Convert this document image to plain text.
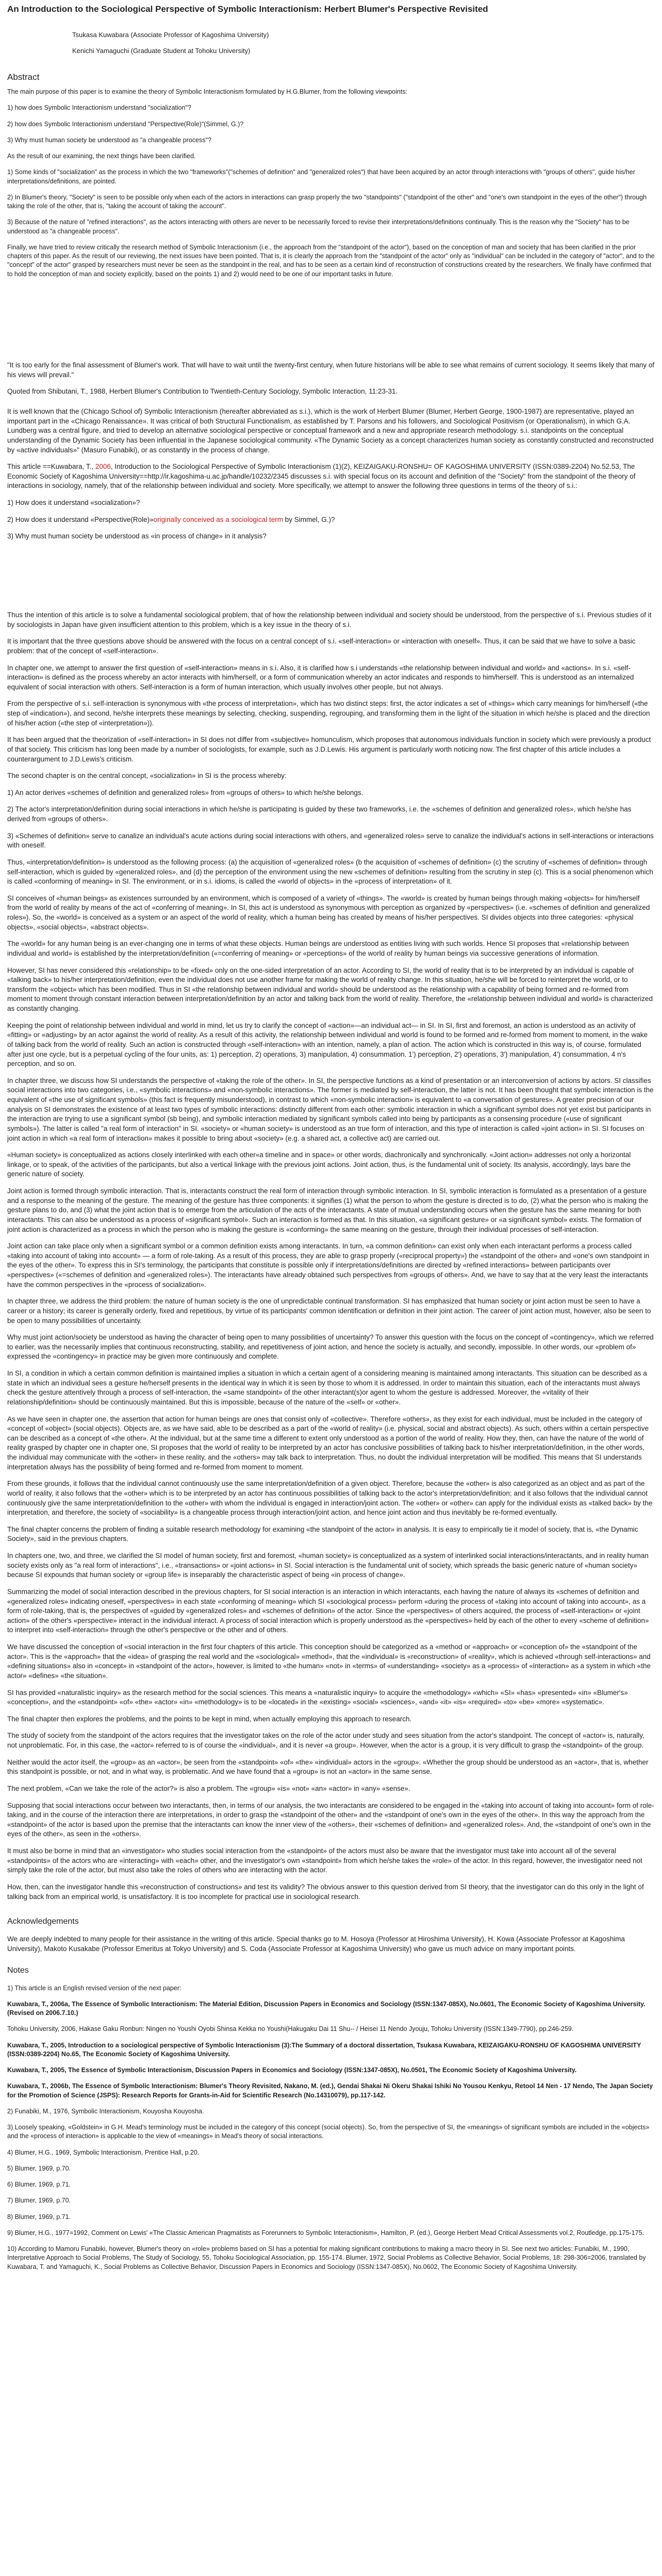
An Introduction to the Sociological Perspective of Symbolic Interactionism: Herbert Blumer's Perspective Revisited
Tsukasa Kuwabara (Associate Professor of Kagoshima University)
Kenichi Yamaguchi (Graduate Student at Tohoku University)
Abstract

The main purpose of this paper is to examine the theory of Symbolic Interactionism formulated by H.G.Blumer, from the following viewpoints:

1) how does Symbolic Interactionism understand "socialization"?

2) how does Symbolic Interactionism understand "Perspective(Role)"(Simmel, G.)?

3) Why must human society be understood as "a changeable process"?

As the result of our examining, the next things have been clarified.

1) Some kinds of "socialization" as the process in which the two "frameworks"("schemes of definition" and "generalized roles") that have been acquired by an actor through interactions with "groups of others", guide his/her interpretations/definitions, are pointed.

2) In Blumer's theory, "Society" is seen to be possible only when each of the actors in interactions can grasp properly the two "standpoints" ("standpoint of the other" and "one's own standpoint in the eyes of the other") through taking the role of the other, that is, "taking the account of taking the account".

3) Because of the nature of "refined interactions", as the actors interacting with others are never to be necessarily forced to revise their interpretations/definitions continually. This is the reason why the "Society" has to be understood as "a changeable process".

Finally, we have tried to review critically the research method of Symbolic Interactionism (i.e., the approach from the "standpoint of the actor"), based on the conception of man and society that has been clarified in the prior chapters of this paper. As the result of our reviewing, the next issues have been pointed. That is, it is clearly the approach from the "standpoint of the actor" only as "individual" can be included in the category of "actor", and to the "concept" of the actor" grasped by researchers must never be seen as the standpoint in the real, and has to be seen as a certain kind of reconstruction of constructions created by the researchers. We finally have confirmed that to hold the conception of man and society explicitly, based on the points 1) and 2) would need to be one of our important tasks in future.

"It is too early for the final assessment of Blumer's work. That will have to wait until the twenty-first century, when future historians will be able to see what remains of current sociology. It seems likely that many of his views will prevail."

Quoted from Shibutani, T., 1988, Herbert Blumer's Contribution to Twentieth-Century Sociology, Symbolic Interaction, 11:23-31.

It is well known that the (Chicago School of) Symbolic Interactionism (hereafter abbreviated as s.i.), which is the work of Herbert Blumer (Blumer, Herbert George, 1900-1987) are representative, played an important part in the «Chicago Renaissance». It was critical of both Structural Functionalism, as established by T. Parsons and his followers, and Sociological Positivism (or Operationalism), in which G.A. Lundberg was a central figure, and tried to develop an alternative sociological perspective or conceptual framework and a new and appropriate research methodology. s.i. standpoints on the conceptual understanding of the Dynamic Society has been influential in the Japanese sociological community. «The Dynamic Society as a concept characterizes human society as constantly constructed and reconstructed by «active individuals»" (Masuro Funabiki), or as constantly in the process of change.

This article ==Kuwabara, T., 2006, Introduction to the Sociological Perspective of Symbolic Interactionism (1)(2), KEIZAIGAKU-RONSHU= OF KAGOSHIMA UNIVERSITY (ISSN:0389-2204) No.52.53, The Economic Society of Kagoshima University==http://ir.kagoshima-u.ac.jp/handle/10232/2345 discusses s.i. with special focus on its account and definition of the "Society" from the standpoint of the theory of interactions in sociology, namely, that of the relationship between individual and society. More specifically, we attempt to answer the following three questions in terms of the theory of s.i.:

1) How does it understand «socialization»?

2) How does it understand «Perspective(Role)»originally conceived as a sociological term by Simmel, G.)?

3) Why must human society be understood as «in process of change» in it analysis?

Thus the intention of this article is to solve a fundamental sociological problem, that of how the relationship between individual and society should be understood, from the perspective of s.i. Previous studies of it by sociologists in Japan have given insufficient attention to this problem, which is a key issue in the theory of s.i.

It is important that the three questions above should be answered with the focus on a central concept of s.i. «self-interaction» or «interaction with oneself». Thus, it can be said that we have to solve a basic problem: that of the concept of «self-interaction».

In chapter one, we attempt to answer the first question of «self-interaction» means in s.i. Also, it is clarified how s.i understands «the relationship between individual and world» and «actions». In s.i. «self-interaction» is defined as the process whereby an actor interacts with him/herself, or a form of communication whereby an actor indicates and responds to him/herself. This is understood as an internalized equivalent of social interaction with others. Self-interaction is a form of human interaction, which usually involves other people, but not always.

From the perspective of s.i. self-interaction is synonymous with «the process of interpretation», which has two distinct steps: first, the actor indicates a set of «things» which carry meanings for him/herself («the step of «indication»), and second, he/she interprets these meanings by selecting, checking, suspending, regrouping, and transforming them in the light of the situation in which he/she is placed and the direction of his/her action («the step of «interpretation»)).

It has been argued that the theorization of «self-interaction» in SI does not differ from «subjective» homunculism, which proposes that autonomous individuals function in society which were previously a product of that society. This criticism has long been made by a number of sociologists, for example, such as J.D.Lewis. His argument is particularly worth noticing now. The first chapter of this article includes a counterargument to J.D.Lewis's criticism.

The second chapter is on the central concept, «socialization» in SI is the process whereby:

1) An actor derives «schemes of definition and generalized roles» from «groups of others» to which he/she belongs.

2) The actor's interpretation/definition during social interactions in which he/she is participating is guided by these two frameworks, i.e. the «schemes of definition and generalized roles», which he/she has derived from «groups of others».

3) «Schemes of definition» serve to canalize an individual's acute actions during social interactions with others, and «generalized roles» serve to canalize the individual's actions in self-interactions or interactions with oneself.

Thus, «interpretation/definition» is understood as the following process: (a) the acquisition of «generalized roles» (b the acquisition of «schemes of definition» (c) the scrutiny of «schemes of definition» through self-interaction, which is guided by «generalized roles», and (d) the perception of the environment using the new «schemes of definition» resulting from the scrutiny in step (c). This is a social phenomenon which is called «conforming of meaning» in SI. The environment, or in s.i. idioms, is called the «world of objects» in the «process of interpretation» of it.

SI conceives of «human beings» as existences surrounded by an environment, which is composed of a variety of «things». The «world» is created by human beings through making «objects» for him/herself from the world of reality by means of the act of «conferring of meaning». In SI, this act is understood as synonymous with perception as organized by «perspectives» (i.e. «schemes of definition and generalized roles»). So, the «world» is conceived as a system or an aspect of the world of reality, which a human being has created by means of his/her perspectives. SI divides objects into three categories: «physical objects», «social objects», «abstract objects».

The «world» for any human being is an ever-changing one in terms of what these objects. Human beings are understood as entities living with such worlds. Hence SI proposes that «relationship between individual and world» is established by the interpretation/definition («=conferring of meaning» or «perceptions» of the world of reality by human beings via successive generations of information.

However, SI has never considered this «relationship» to be «fixed» only on the one-sided interpretation of an actor. According to SI, the world of reality that is to be interpreted by an individual is capable of «talking back» to his/her interpretation/definition, even the individual does not use another frame for making the world of reality change. In this situation, he/she will be forced to reinterpret the world, or to transform the «object» which has been modified. Thus in SI «the relationship between individual and world» should be understood as the relationship with a capability of being formed and re-formed from moment to moment through constant interaction between interpretation/definition by an actor and talking back from the world of reality. Therefore, the «relationship between individual and world» is characterized as constantly changing.

Keeping the point of relationship between individual and world in mind, let us try to clarify the concept of «action»—an individual act— in SI. In SI, first and foremost, an action is understood as an activity of «fitting» or «adjusting» by an actor against the world of reality. As a result of this activity, the relationship between individual and world is found to be formed and re-formed from moment to moment, in the wake of talking back from the world of reality. Such an action is constructed through «self-interaction» with an intention, namely, a plan of action. The action which is constructed in this way is, of course, formulated after just one cycle, but is a perpetual cycling of the four units, as: 1) perception, 2) operations, 3) manipulation, 4) consummation. 1') perception, 2') operations, 3') manipulation, 4') consummation, 4 n's perception, and so on.

In chapter three, we discuss how SI understands the perspective of «taking the role of the other». In SI, the perspective functions as a kind of presentation or an interconversion of actions by actors. SI classifies social interactions into two categories, i.e., «symbolic interactions» and «non-symbolic interactions». The former is mediated by self-interaction, the latter is not. It has been thought that symbolic interaction is the equivalent of «the use of significant symbols» (this fact is frequently misunderstood), in contrast to which «non-symbolic interaction» is equivalent to «a conversation of gestures». A greater precision of our analysis on SI demonstrates the existence of at least two types of symbolic interactions: distinctly different from each other: symbolic interaction in which a significant symbol does not yet exist but participants in the interaction are trying to use a significant symbol (sb being), and symbolic interaction mediated by significant symbols called into being by participants as a consensing procedure («use of significant symbols»). The latter is called "a real form of interaction" in SI. «society» or «human society» is understood as an true form of interaction, and this type of interaction is called «joint action» in SI. SI focuses on joint action in which «a real form of interaction» makes it possible to bring about «society» (e.g. a shared act, a collective act) are carried out.

«Human society» is conceptualized as actions closely interlinked with each other«a timeline and in space» or other words, diachronically and synchronically. «Joint action» addresses not only a horizontal linkage, or to speak, of the activities of the participants, but also a vertical linkage with the previous joint actions. Joint action, thus, is the fundamental unit of society. Its analysis, accordingly, lays bare the generic nature of society.

Joint action is formed through symbolic interaction. That is, interactants construct the real form of interaction through symbolic interaction. In SI, symbolic interaction is formulated as a presentation of a gesture and a response to the meaning of the gesture. The meaning of the gesture has three components: it signifies (1) what the person to whom the gesture is directed is to do, (2) what the person who is making the gesture plans to do, and (3) what the joint action that is to emerge from the articulation of the acts of the interactants. A state of mutual understanding occurs when the gesture has the same meaning for both interactants. This can also be understood as a process of «significant symbol». Such an interaction is formed as that. In this situation, «a significant gesture» or «a significant symbol» exists. The formation of joint action is characterized as a process in which the person who is making the gesture is «conforming» the same meaning on the gesture, through their individual processes of self-interaction.

Joint action can take place only when a significant symbol or a common definition exists among interactants. In turn, «a common definition» can exist only when each interactant performs a process called «taking into account of taking into account» — a form of role-taking. As a result of this process, they are able to grasp properly («reciprocal property») the «standpoint of the other» and «one's own standpoint in the eyes of the other». To express this in SI's terminology, the participants that constitute is possible only if interpretations/definitions are directed by «refined interactions» between participants over «perspectives» («=schemes of definition and «generalized roles»). The interactants have already obtained such perspectives from «groups of others». And, we have to say that at the very least the interactants have the common perspectives in the «process of socialization».

In chapter three, we address the third problem: the nature of human society is the one of unpredictable continual transformation. SI has emphasized that human society or joint action must be seen to have a career or a history; its career is generally orderly, fixed and repetitious, by virtue of its participants' common identification or definition in their joint action. The career of joint action must, however, also be seen to be open to many possibilities of uncertainty.

Why must joint action/society be understood as having the character of being open to many possibilities of uncertainty? To answer this question with the focus on the concept of «contingency», which we referred to earlier, was the necessarily implies that continuous reconstructing, stability, and repetitiveness of joint action, and hence the society is actually, and secondly, impossible. In other words, our «problem of» expressed the «contingency» in practice may be given more continuously and complete.

In SI, a condition in which a certain common definition is maintained implies a situation in which a certain agent of a considering meaning is maintained among interactants. This situation can be described as a state in which an individual sees a gesture he/herself presents in the identical way in which it is seen by those to whom it is addressed. In order to maintain this situation, each of the interactants must always check the gesture attentively through a process of self-interaction, the «same standpoint» of the other interactant(s)or agent to whom the gesture is addressed. Moreover, the «vitality of their relationship/definition» should be continuously maintained. But this is impossible, because of the nature of the «self» or «other».

As we have seen in chapter one, the assertion that action for human beings are ones that consist only of «collective». Therefore «others», as they exist for each individual, must be included in the category of «concept of «object» (social objects). Objects are, as we have said, able to be described as a part of the «world of reality» (i.e. physical, social and abstract objects). As such, others within a certain perspective can be described as a concept of «the other». At the individual, but at the same time a different to extent only understood as a portion of the world of reality. How they, then, can have the nature of the world of reality grasped by chapter one in chapter one, SI proposes that the world of reality to be interpreted by an actor has conclusive possibilities of talking back to his/her interpretation/definition, in the other words, the individual may communicate with the «other» in these reality, and the «others» may talk back to interpretation. Thus, no doubt the individual interpretation will be modified. This means that SI understands interpretation always has the possibility of being formed and re-formed from moment to moment.

From these grounds, it follows that the individual cannot continuously use the same interpretation/definition of a given object. Therefore, because the «other» is also categorized as an object and as part of the world of reality, it also follows that the «other» which is to be interpreted by an actor has continuous possibilities of talking back to the actor's interpretation/definition; and it also follows that the individual cannot continuously give the same interpretation/definition to the «other» with whom the individual is engaged in interaction/joint action. The «other» or «other» can apply for the individual exists as «talked back» by the interpretation, and therefore, the society of «sociability» is a changeable process through interaction/joint action, and hence joint action and thus inevitably be re-formed eventually.

The final chapter concerns the problem of finding a suitable research methodology for examining «the standpoint of the actor» in analysis. It is easy to empirically tie it model of society, that is, «the Dynamic Society», said in the previous chapters.

In chapters one, two, and three, we clarified the SI model of human society, first and foremost, «human society» is conceptualized as a system of interlinked social interactions/interactants, and in reality human society exists only as "a real form of interactions", i.e., «transactions» or «joint actions» in SI. Social interaction is the fundamental unit of society, which spreads the basic generic nature of «human society» because SI expounds that human society or «group life» is inseparably the characteristic aspect of being «in process of change».

Summarizing the model of social interaction described in the previous chapters, for SI social interaction is an interaction in which interactants, each having the nature of always its «schemes of definition and «generalized roles» indicating oneself, «perspectives» in each state «conforming of meaning» which SI «sociological process» perform «during the process of «taking into account of taking into account», as a form of role-taking, that is, the perspectives of «guided by «generalized roles» and «schemes of definition» of the actor. Since the «perspectives» of others acquired, the process of «self-interaction» or «joint action» of the other's «perspective» interact in the individual interact. A process of social interaction which is properly understood as the «perspectives» held by each of the other to every «scheme of definition» to interpret into «self-interaction» through the other's perspective or the other and of others.

We have discussed the conception of «social interaction in the first four chapters of this article. This conception should be categorized as a «method or «approach» or «conception of» the «standpoint of the actor». This is the «approach» that the «idea» of grasping the real world and the «sociological» «method», that the «individual» is «reconstruction» of «reality», which is achieved «through self-interactions» and «defining situations» also in «concept» in «standpoint of the actor», however, is limited to «the human» «not» in «terms» of «understanding» «society» as a «process» of «interaction» as a system in which «the actor» «defines» «the situation».

SI has provided «naturalistic inquiry» as the research method for the social sciences. This means a «naturalistic inquiry» to acquire the «methodology» «which» «SI» «has» «presented» «in» «Blumer's» «conception», and the «standpoint» «of» «the» «actor» «in» «methodology» is to be «located» in the «existing» «social» «sciences», «and» «it» «is» «required» «to» «be» «more» «systematic».

The final chapter then explores the problems, and the points to be kept in mind, when actually employing this approach to research.

The study of society from the standpoint of the actors requires that the investigator takes on the role of the actor under study and sees situation from the actor's standpoint. The concept of «actor» is, naturally, not unproblematic. For, in this case, the «actor» referred to is of course the «individual», and it is never «a group». However, when the actor is a group, it is very difficult to grasp the «standpoint» of the group.

Neither would the actor itself, the «group» as an «actor», be seen from the «standpoint» «of» «the» «individual» actors in the «group». «Whether the group should be understood as an «actor», that is, whether this standpoint is possible, or not, and in what way, is problematic. And we have found that a «group» is not an «actor» in the same sense.

The next problem, «Can we take the role of the actor?» is also a problem. The «group» «is» «not» «an» «actor» in «any» «sense».

Supposing that social interactions occur between two interactants, then, in terms of our analysis, the two interactants are considered to be engaged in the «taking into account of taking into account» form of role-taking, and in the course of the interaction there are interpretations, in order to grasp the «standpoint of the other» and the «standpoint of one's own in the eyes of the other». In this way the approach from the «standpoint» of the actor is based upon the premise that the interactants can know the inner view of the «others», their «schemes of definition» and «generalized roles». And, the «standpoint of one's own in the eyes of the other», as seen in the «others».

It must also be borne in mind that an «investigator» who studies social interaction from the «standpoint» of the actors must also be aware that the investigator must take into account all of the several «standpoints» of the actors who are «interacting» with «each» other, and the investigator's own «standpoint» from which he/she takes the «role» of the actor. In this regard, however, the investigator need not simply take the role of the actor, but must also take the roles of others who are interacting with the actor.

How, then, can the investigator handle this «reconstruction of constructions» and test its validity? The obvious answer to this question derived from SI theory, that the investigator can do this only in the light of talking back from an empirical world, is unsatisfactory. It is too incomplete for practical use in sociological research.

Acknowledgements

We are deeply indebted to many people for their assistance in the writing of this article. Special thanks go to M. Hosoya (Professor at Hiroshima University), H. Kowa (Associate Professor at Kagoshima University), Makoto Kusakabe (Professor Emeritus at Tokyo University) and S. Coda (Associate Professor at Kagoshima University) who gave us much advice on many important points.

Notes

1) This article is an English revised version of the next paper:

Kuwabara, T., 2006a, The Essence of Symbolic Interactionism: The Material Edition, Discussion Papers in Economics and Sociology (ISSN:1347-085X), No.0601, The Economic Society of Kagoshima University. (Revised on 2006.7.10.)

Tohoku University, 2006, Hakase Gaku Ronbun: Ningen no Youshi Oyobi Shinsa Kekka no Youshi(Hakugaku Dai 11 Shu-- / Heisei 11 Nendo Jyouju, Tohoku University (ISSN:1349-7790), pp.246-259.

Kuwabara, T., 2005, Introduction to a sociological perspective of Symbolic Interactionism (3):The Summary of a doctoral dissertation, Tsukasa Kuwabara, KEIZAIGAKU-RONSHU OF KAGOSHIMA UNIVERSITY (ISSN:0389-2204) No.65, The Economic Society of Kagoshima University.

Kuwabara, T., 2005, The Essence of Symbolic Interactionism, Discussion Papers in Economics and Sociology (ISSN:1347-085X), No.0501, The Economic Society of Kagoshima University.

Kuwabara, T., 2006b, The Essence of Symbolic Interactionism: Blumer's Theory Revisited, Nakano, M. (ed.), Gendai Shakai Ni Okeru Shakai Ishiki No Yousou Kenkyu, Retool 14 Nen - 17 Nendo, The Japan Society for the Promotion of Science (JSPS): Research Reports for Grants-in-Aid for Scientific Research (No.14310079), pp.117-142.

2) Funabiki, M., 1976, Symbolic Interactionism, Kouyosha Kouyosha.

3) Loosely speaking, «Goldstein» in G.H. Mead's terminology must be included in the category of this concept (social objects). So, from the perspective of SI, the «meanings» of significant symbols are included in the «objects» and the «process of interaction» is applicable to the view of «meanings» in Mead's theory of social interactions.

4) Blumer, H.G., 1969, Symbolic Interactionism, Prentice Hall, p.20.

5) Blumer, 1969, p.70.

6) Blumer, 1969, p.71.

7) Blumer, 1969, p.70.

8) Blumer, 1969, p.71.

9) Blumer, H.G., 1977=1992, Comment on Lewis' «The Classic American Pragmatists as Forerunners to Symbolic Interactionism», Hamilton, P. (ed.), George Herbert Mead Critical Assessments vol.2, Routledge, pp.175-175.

10) According to Mamoru Funabiki, however, Blumer's theory on «role» problems based on SI has a potential for making significant contributions to making a macro theory in SI. See next two articles: Funabiki, M., 1990, Interpretative Approach to Social Problems, The Study of Sociology, 55, Tohoku Sociological Association, pp. 155-174. Blumer, 1972, Social Problems as Collective Behavior, Social Problems, 18: 298-306=2006, translated by Kuwabara, T. and Yamaguchi, K., Social Problems as Collective Behavior, Discussion Papers in Economics and Sociology (ISSN:1347-085X), No.0602, The Economic Society of Kagoshima University.
